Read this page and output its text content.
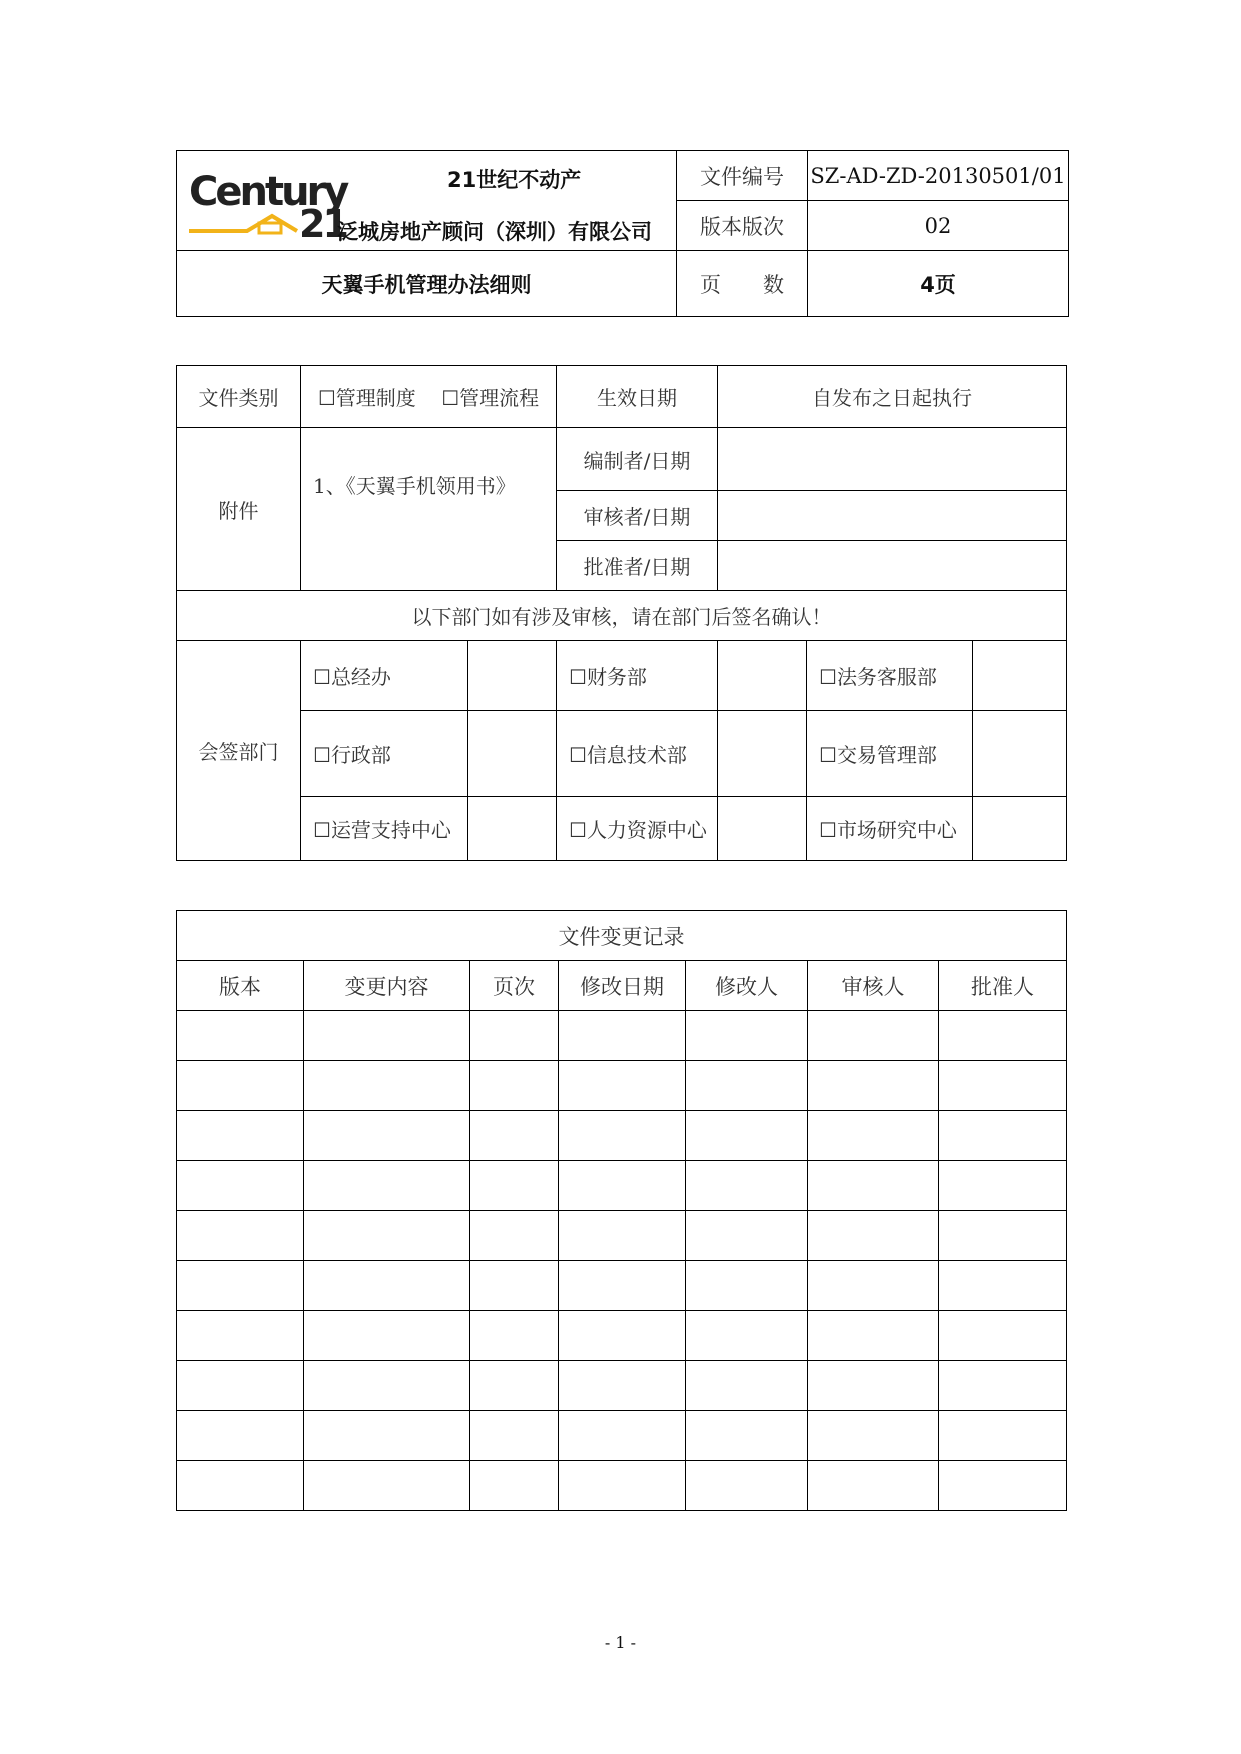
Century
21
21世纪不动产
泛城房地产顾问（深圳）有限公司	文件编号	SZ-AD-ZD-20130501/01
	版本版次	02
天翼手机管理办法细则	页　　数	4页
文件类别	☐ 管理制度 ☐ 管理流程		生效日期	自发布之日起执行		
附件	1、《天翼手机领用书》		编制者/日期			
			审核者/日期			
			批准者/日期			
以下部门如有涉及审核，请在部门后签名确认！						
会签部门	☐ 总经办		☐财务部		☐法务客服部	
☐ 行政部		☐信息技术部		☐交易管理部	
☐ 运营支持中心		☐人力资源中心		☐市场研究中心	
文件变更记录						
版本	变更内容	页次	修改日期	修改人	审核人	批准人

- 1 -
